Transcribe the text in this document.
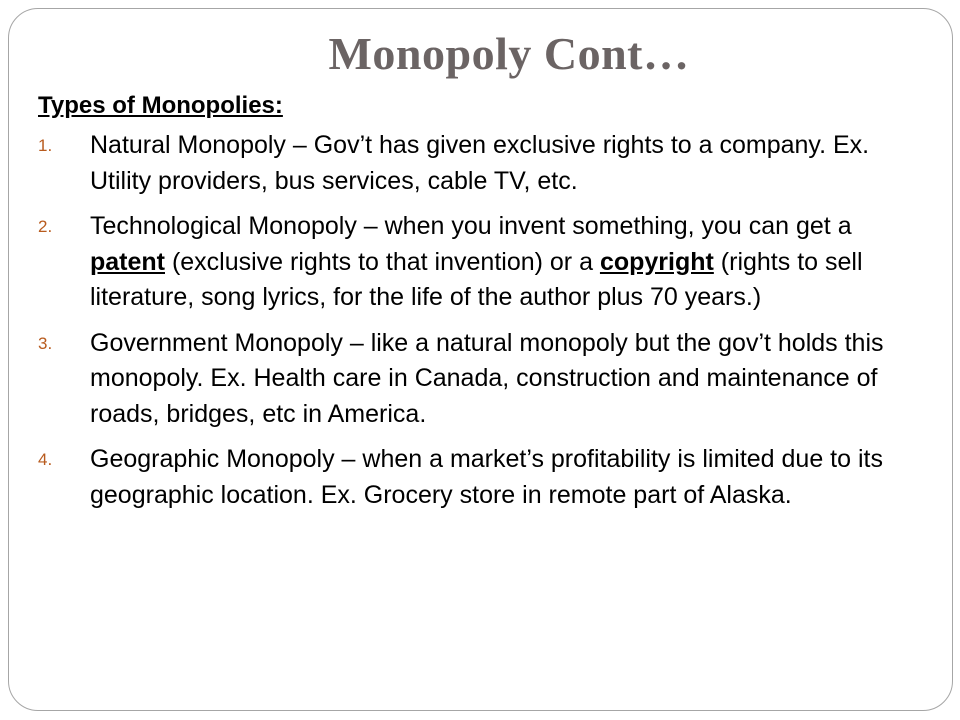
Monopoly Cont…
Types of Monopolies:
1. Natural Monopoly – Gov’t has given exclusive rights to a company. Ex. Utility providers, bus services, cable TV, etc.
2. Technological Monopoly – when you invent something, you can get a patent (exclusive rights to that invention) or a copyright (rights to sell literature, song lyrics, for the life of the author plus 70 years.)
3. Government Monopoly – like a natural monopoly but the gov’t holds this monopoly. Ex. Health care in Canada, construction and maintenance of roads, bridges, etc in America.
4. Geographic Monopoly – when a market’s profitability is limited due to its geographic location. Ex. Grocery store in remote part of Alaska.
